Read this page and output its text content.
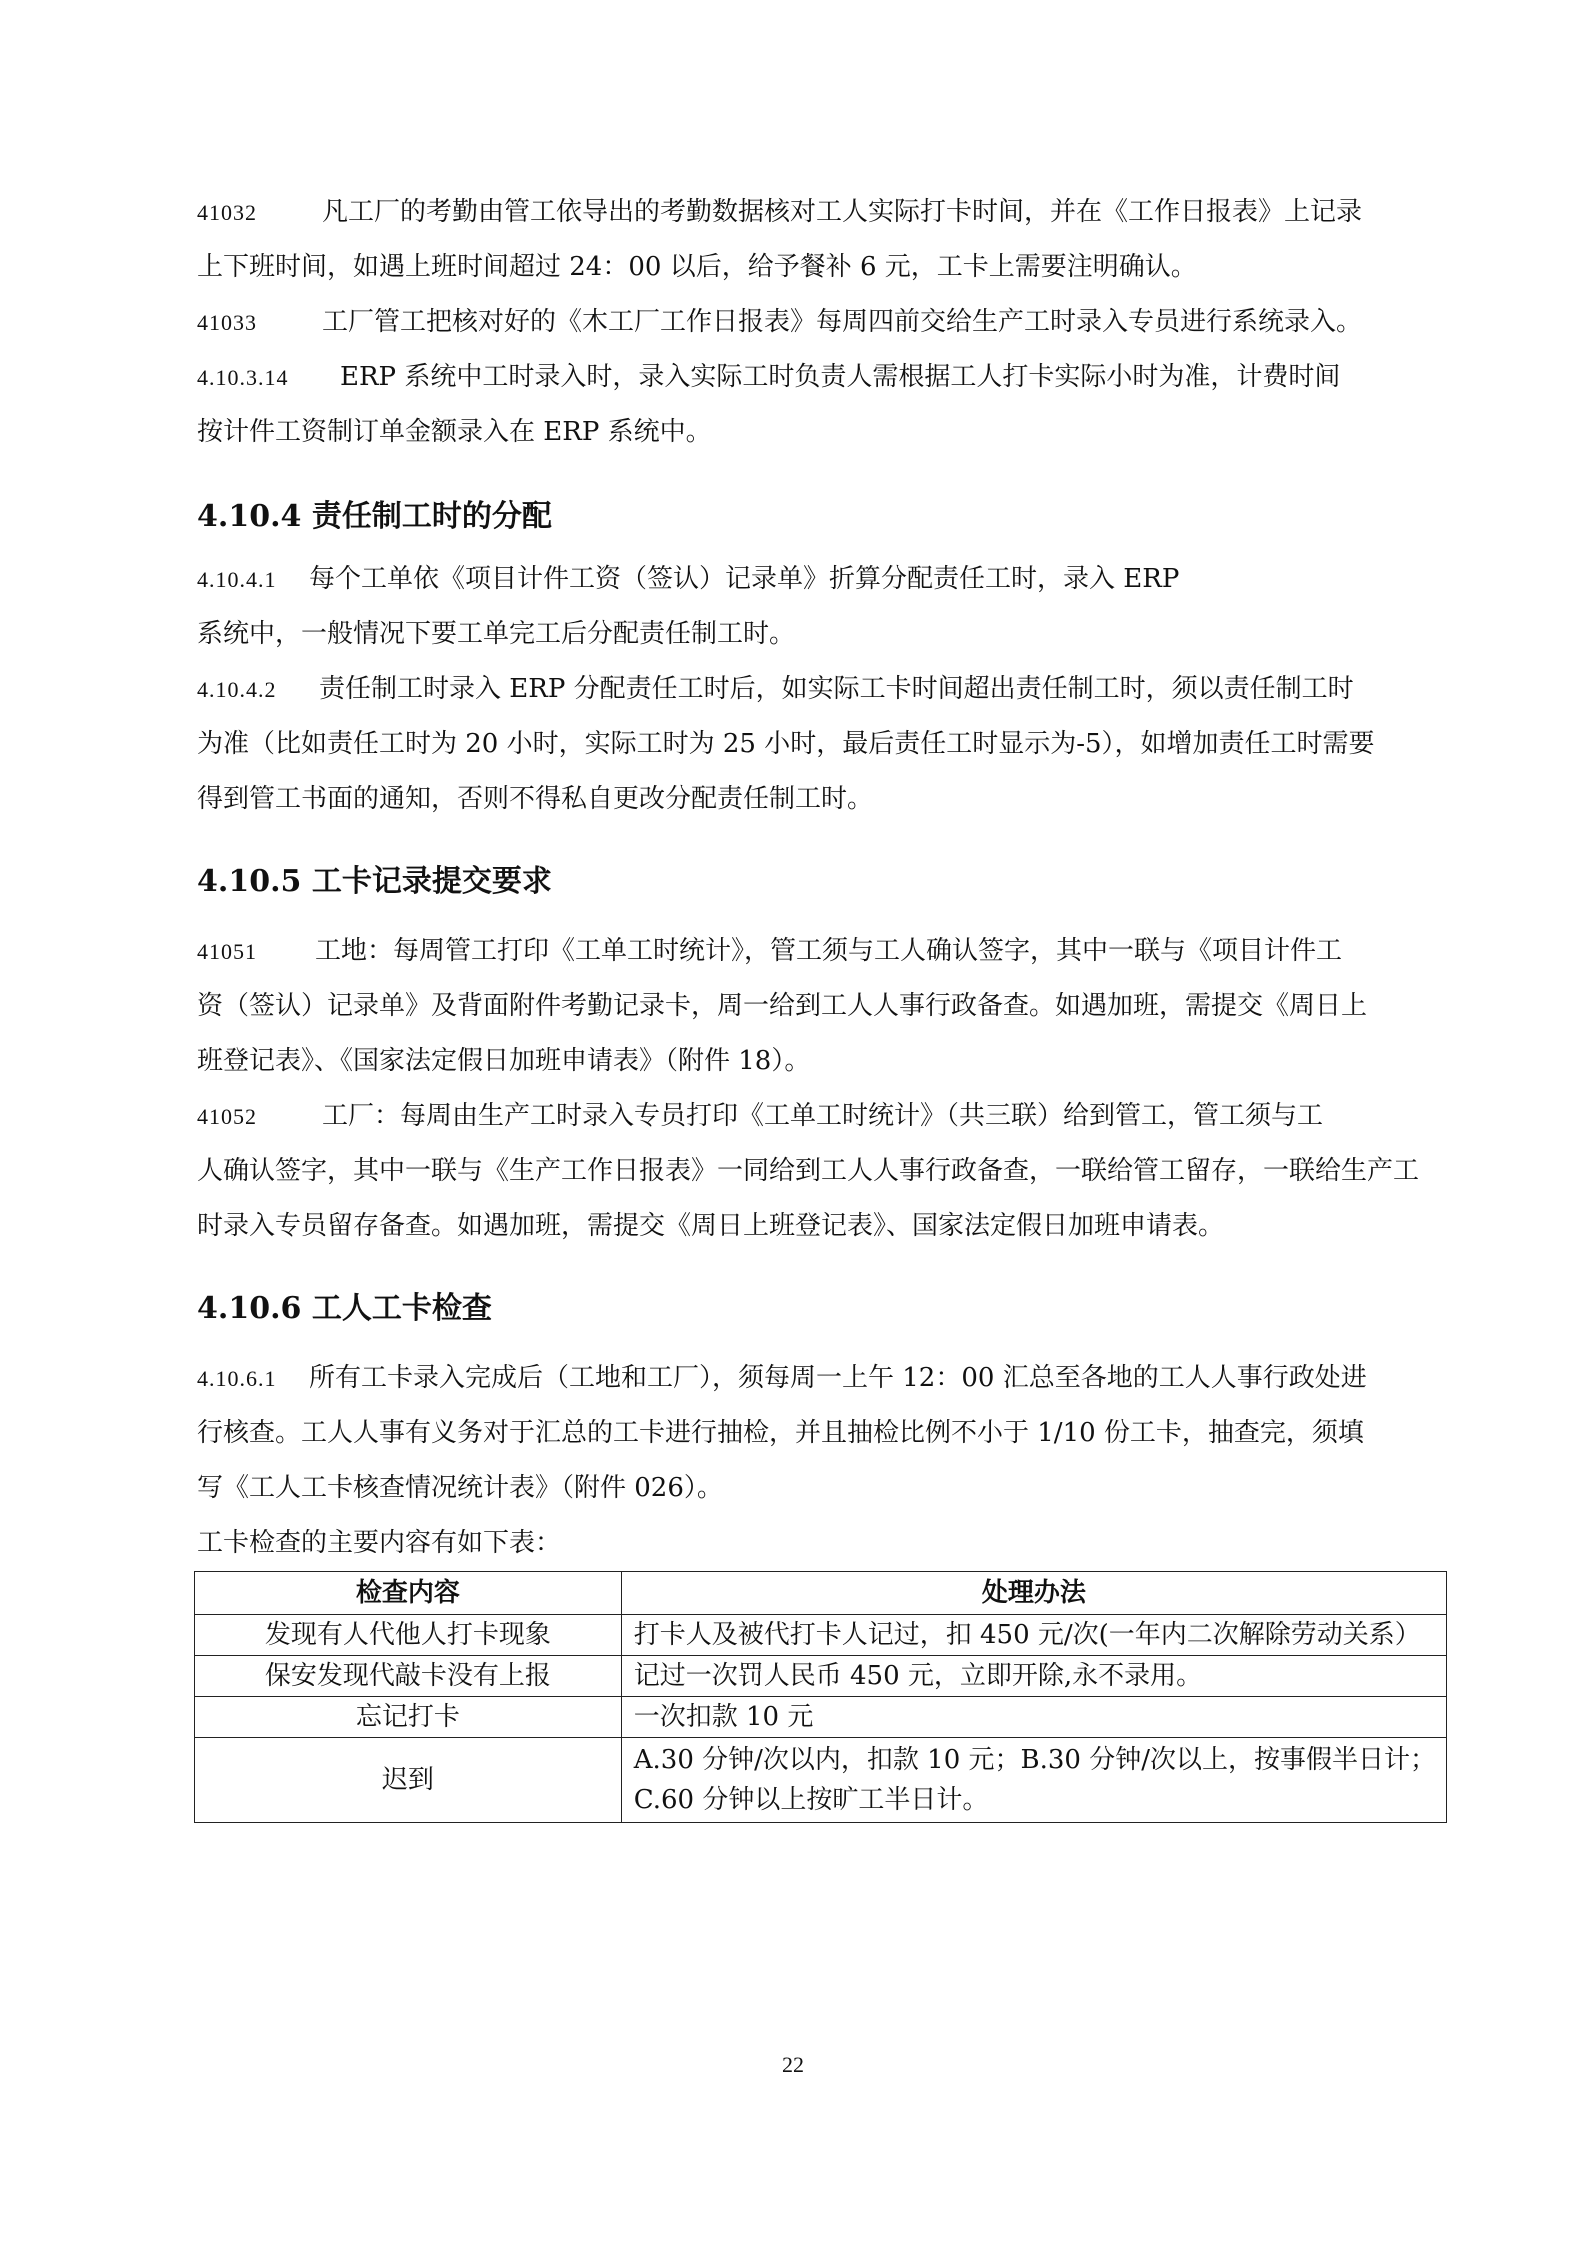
41032	凡工厂的考勤由管工依导出的考勤数据核对工人实际打卡时间，并在《工作日报表》上记录

上下班时间，如遇上班时间超过 24：00 以后，给予餐补 6 元，工卡上需要注明确认。

41033	工厂管工把核对好的《木工厂工作日报表》每周四前交给生产工时录入专员进行系统录入。

4.10.3.14 ERP 系统中工时录入时，录入实际工时负责人需根据工人打卡实际小时为准，计费时间

按计件工资制订单金额录入在 ERP 系统中。

4.10.4 责任制工时的分配

4.10.4.1 每个工单依《项目计件工资（签认）记录单》折算分配责任工时，录入 ERP

系统中，一般情况下要工单完工后分配责任制工时。

4.10.4.2 责任制工时录入 ERP 分配责任工时后，如实际工卡时间超出责任制工时，须以责任制工时

为准（比如责任工时为 20 小时，实际工时为 25 小时，最后责任工时显示为-5），如增加责任工时需要

得到管工书面的通知，否则不得私自更改分配责任制工时。

4.10.5 工卡记录提交要求

41051 工地：每周管工打印《工单工时统计》，管工须与工人确认签字，其中一联与《项目计件工

资（签认）记录单》及背面附件考勤记录卡，周一给到工人人事行政备查。如遇加班，需提交《周日上

班登记表》、《国家法定假日加班申请表》（附件 18）。

41052	工厂：每周由生产工时录入专员打印《工单工时统计》（共三联）给到管工，管工须与工

人确认签字，其中一联与《生产工作日报表》一同给到工人人事行政备查，一联给管工留存，一联给生产工

时录入专员留存备查。如遇加班，需提交《周日上班登记表》、国家法定假日加班申请表。

4.10.6 工人工卡检查

4.10.6.1 所有工卡录入完成后（工地和工厂），须每周一上午 12：00 汇总至各地的工人人事行政处进

行核查。工人人事有义务对于汇总的工卡进行抽检，并且抽检比例不小于 1/10 份工卡，抽查完，须填

写《工人工卡核查情况统计表》（附件 026）。

工卡检查的主要内容有如下表：

检查内容	处理办法
发现有人代他人打卡现象	打卡人及被代打卡人记过，扣 450 元/次(一年内二次解除劳动关系）
保安发现代敲卡没有上报	记过一次罚人民币 450 元，立即开除,永不录用。
忘记打卡	一次扣款 10 元
迟到	A.30 分钟/次以内，扣款 10 元；B.30 分钟/次以上，按事假半日计；
C.60 分钟以上按旷工半日计。
22
